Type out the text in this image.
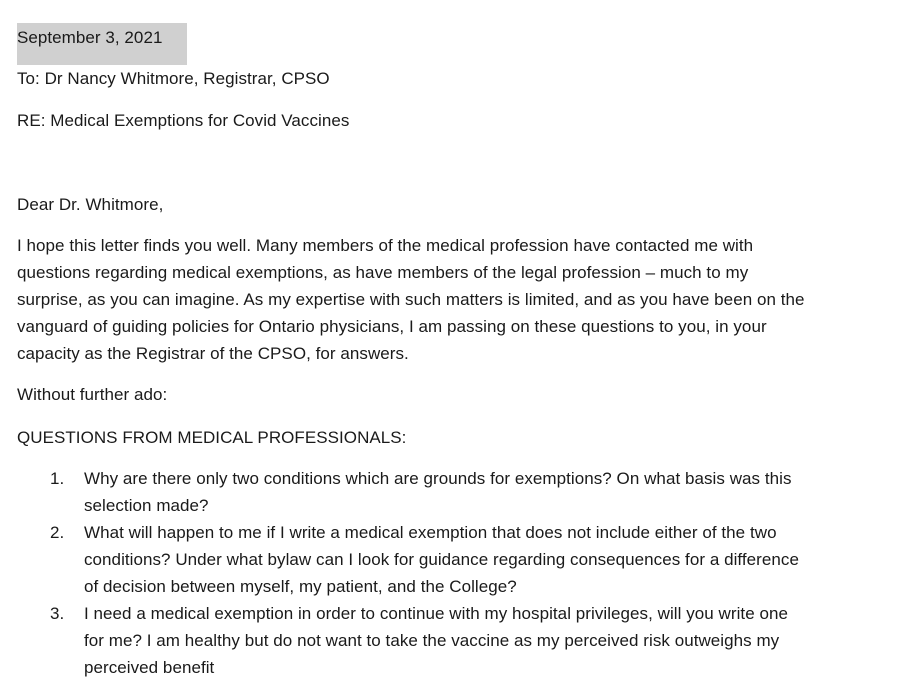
September 3, 2021
To: Dr Nancy Whitmore, Registrar, CPSO
RE: Medical Exemptions for Covid Vaccines
Dear Dr. Whitmore,
I hope this letter finds you well. Many members of the medical profession have contacted me with
questions regarding medical exemptions, as have members of the legal profession – much to my
surprise, as you can imagine. As my expertise with such matters is limited, and as you have been on the
vanguard of guiding policies for Ontario physicians, I am passing on these questions to you, in your
capacity as the Registrar of the CPSO, for answers.
Without further ado:
QUESTIONS FROM MEDICAL PROFESSIONALS:
1. Why are there only two conditions which are grounds for exemptions? On what basis was this
selection made?
2. What will happen to me if I write a medical exemption that does not include either of the two
conditions? Under what bylaw can I look for guidance regarding consequences for a difference
of decision between myself, my patient, and the College?
3. I need a medical exemption in order to continue with my hospital privileges, will you write one
for me? I am healthy but do not want to take the vaccine as my perceived risk outweighs my
perceived benefit
